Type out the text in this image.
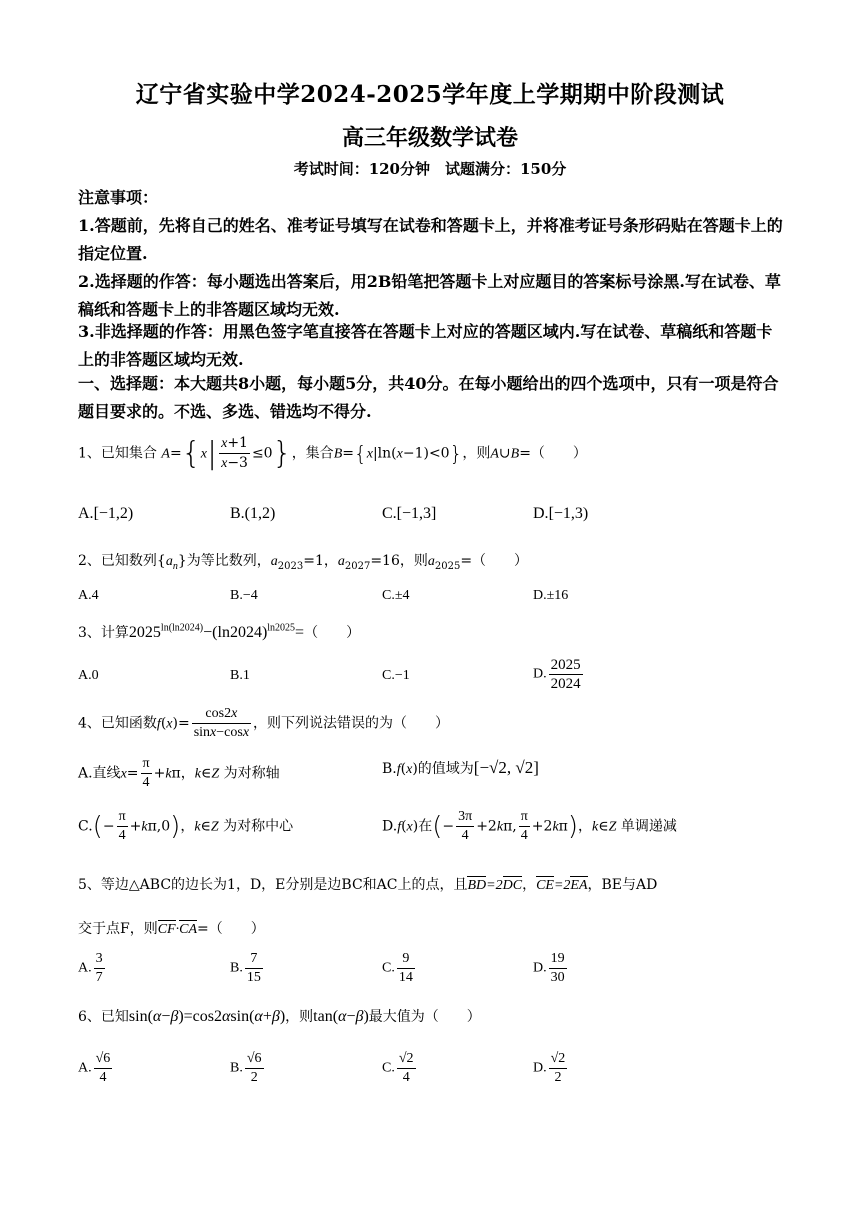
辽宁省实验中学2024-2025学年度上学期期中阶段测试
高三年级数学试卷
考试时间：120分钟　试题满分：150分
注意事项：
1.答题前，先将自己的姓名、准考证号填写在试卷和答题卡上，并将准考证号条形码贴在答题卡上的指定位置.
2.选择题的作答：每小题选出答案后，用2B铅笔把答题卡上对应题目的答案标号涂黑.写在试卷、草稿纸和答题卡上的非答题区域均无效.
3.非选择题的作答：用黑色签字笔直接答在答题卡上对应的答题区域内.写在试卷、草稿纸和答题卡上的非答题区域均无效.
一、选择题：本大题共8小题，每小题5分，共40分。在每小题给出的四个选项中，只有一项是符合题目要求的。不选、多选、错选均不得分.
1、已知集合 $A=\{x| \frac{x+1}{x-3} \le 0\}$，集合B={x|ln(x−1)<0}，则A∪B=（　　）
A.[−1,2)	B.(1,2)	C.[−1,3]	D.[−1,3)
2、已知数列$\{a_n\}$为等比数列，$a_{2023}=1$，$a_{2027}=16$，则$a_{2025}=$（　　）
A.4	B.−4	C.±4	D.±16
3、计算$2025^{ln(ln2024)}-(\ln 2024)^{ln2025}=$（　　）
A.0	B.1	C.−1	D. $\frac{2025}{2024}$
4、已知函数$f(x)= \frac{\cos 2x}{\sin x-\cos x}$ ，则下列说法错误的为（　　）
A.直线$x= \frac{\pi}{4} +k\pi$，k∈Z 为对称轴	B.f(x)的值域为[−√2, √2]
$C.(- \frac{\pi}{4} +k\pi,0)$，k∈Z 为对称中心	D.f(x)在(− $\frac{3\pi}{4} +2k\pi$, $\frac{\pi}{4} +2k\pi$)，k∈Z 单调递减
5、等边△ABC的边长为1，D，E分别是边BC和AC上的点，且BD=2DC，CE=2EA，BE与AD
交于点F，则CF·CA=（　　）
A. $\frac{3}{7}$	B. $\frac{7}{15}$	C. $\frac{9}{14}$	D. $\frac{19}{30}$
6、已知sin(α−β)=cos2αsin(α+β)，则tan(α−β)最大值为（　　）
A. $\frac{√6}{4}$	B. $\frac{√6}{2}$	C. $\frac{√2}{4}$	D. $\frac{√2}{2}$
